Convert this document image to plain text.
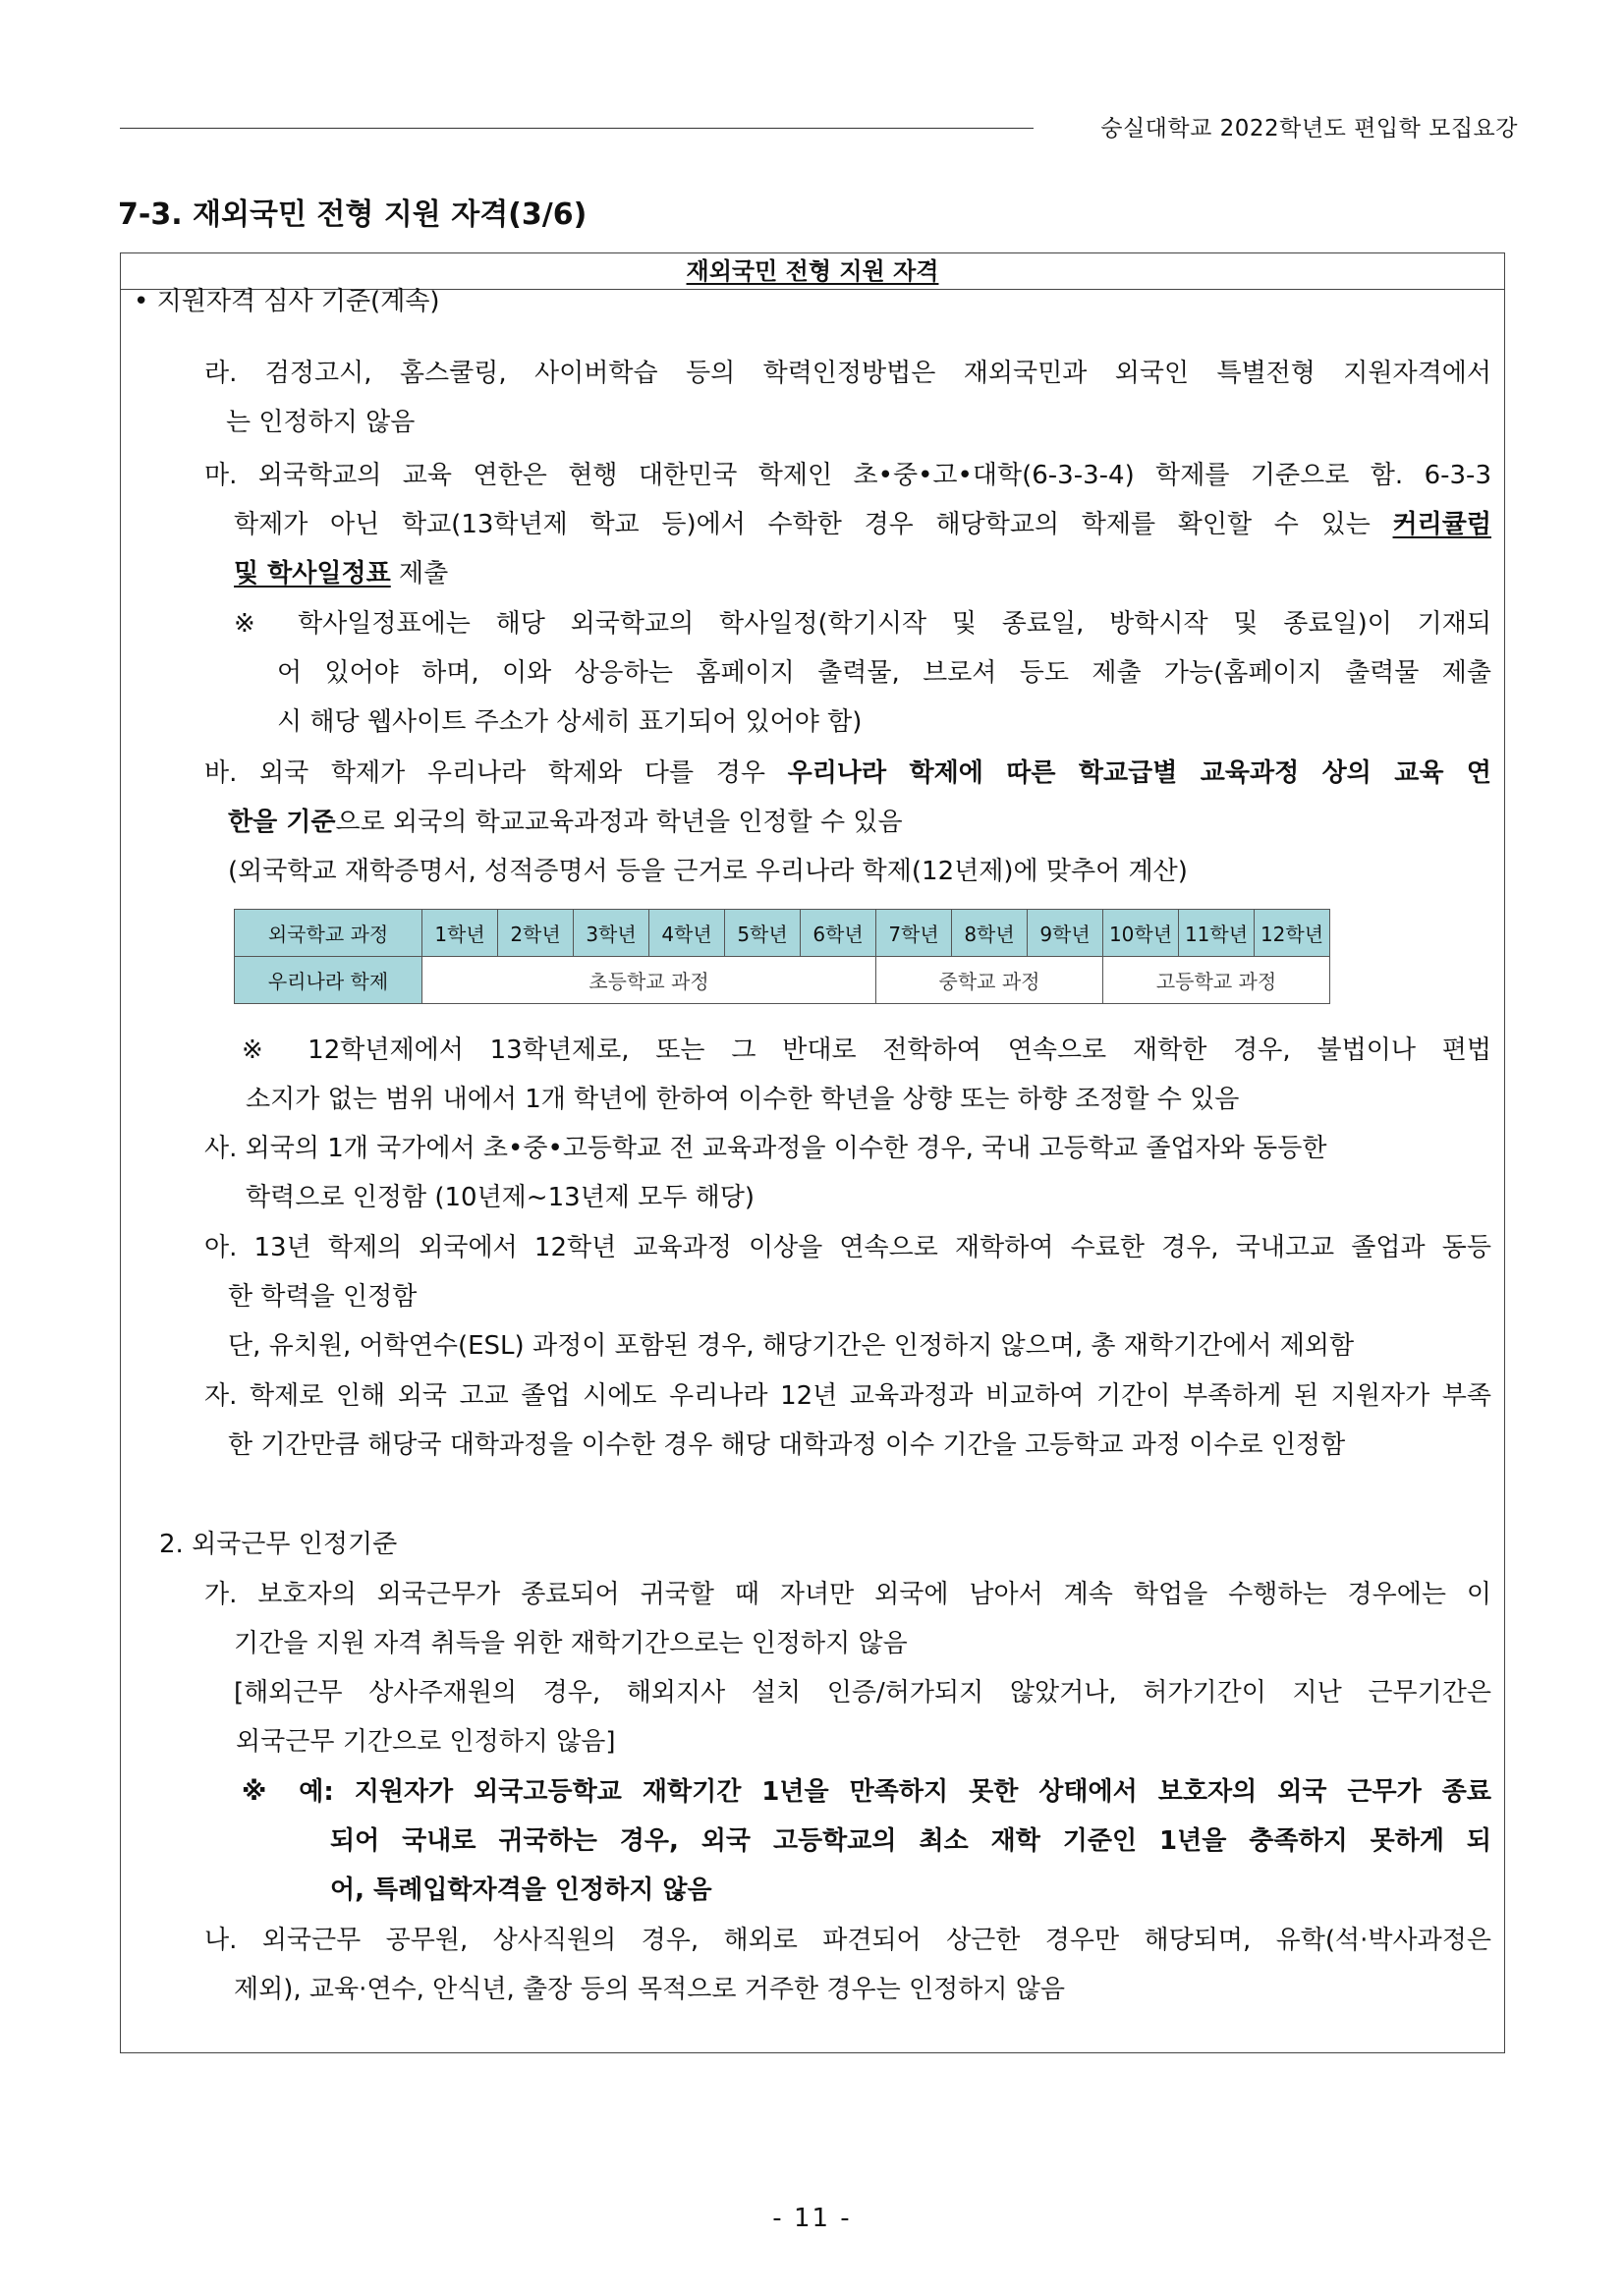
숭실대학교 2022학년도 편입학 모집요강
7-3. 재외국민 전형 지원 자격(3/6)
재외국민 전형 지원 자격
• 지원자격 심사 기준(계속)
라. 검정고시, 홈스쿨링, 사이버학습 등의 학력인정방법은 재외국민과 외국인 특별전형 지원자격에서
는 인정하지 않음
마. 외국학교의 교육 연한은 현행 대한민국 학제인 초•중•고•대학(6-3-3-4) 학제를 기준으로 함. 6-3-3
학제가 아닌 학교(13학년제 학교 등)에서 수학한 경우 해당학교의 학제를 확인할 수 있는 커리큘럼
및 학사일정표 제출
※ 학사일정표에는 해당 외국학교의 학사일정(학기시작 및 종료일, 방학시작 및 종료일)이 기재되
어 있어야 하며, 이와 상응하는 홈페이지 출력물, 브로셔 등도 제출 가능(홈페이지 출력물 제출
시 해당 웹사이트 주소가 상세히 표기되어 있어야 함)
바. 외국 학제가 우리나라 학제와 다를 경우 우리나라 학제에 따른 학교급별 교육과정 상의 교육 연
한을 기준으로 외국의 학교교육과정과 학년을 인정할 수 있음
(외국학교 재학증명서, 성적증명서 등을 근거로 우리나라 학제(12년제)에 맞추어 계산)
외국학교 과정	1학년	2학년	3학년	4학년	5학년	6학년	7학년	8학년	9학년	10학년	11학년	12학년
우리나라 학제	초등학교 과정						중학교 과정			고등학교 과정		
※ 12학년제에서 13학년제로, 또는 그 반대로 전학하여 연속으로 재학한 경우, 불법이나 편법
소지가 없는 범위 내에서 1개 학년에 한하여 이수한 학년을 상향 또는 하향 조정할 수 있음
사. 외국의 1개 국가에서 초•중•고등학교 전 교육과정을 이수한 경우, 국내 고등학교 졸업자와 동등한
학력으로 인정함 (10년제~13년제 모두 해당)
아. 13년 학제의 외국에서 12학년 교육과정 이상을 연속으로 재학하여 수료한 경우, 국내고교 졸업과 동등
한 학력을 인정함
단, 유치원, 어학연수(ESL) 과정이 포함된 경우, 해당기간은 인정하지 않으며, 총 재학기간에서 제외함
자. 학제로 인해 외국 고교 졸업 시에도 우리나라 12년 교육과정과 비교하여 기간이 부족하게 된 지원자가 부족
한 기간만큼 해당국 대학과정을 이수한 경우 해당 대학과정 이수 기간을 고등학교 과정 이수로 인정함
2. 외국근무 인정기준
가. 보호자의 외국근무가 종료되어 귀국할 때 자녀만 외국에 남아서 계속 학업을 수행하는 경우에는 이
기간을 지원 자격 취득을 위한 재학기간으로는 인정하지 않음
[해외근무 상사주재원의 경우, 해외지사 설치 인증/허가되지 않았거나, 허가기간이 지난 근무기간은
외국근무 기간으로 인정하지 않음]
※ 예: 지원자가 외국고등학교 재학기간 1년을 만족하지 못한 상태에서 보호자의 외국 근무가 종료
되어 국내로 귀국하는 경우, 외국 고등학교의 최소 재학 기준인 1년을 충족하지 못하게 되
어, 특례입학자격을 인정하지 않음
나. 외국근무 공무원, 상사직원의 경우, 해외로 파견되어 상근한 경우만 해당되며, 유학(석·박사과정은
제외), 교육·연수, 안식년, 출장 등의 목적으로 거주한 경우는 인정하지 않음
- 11 -
